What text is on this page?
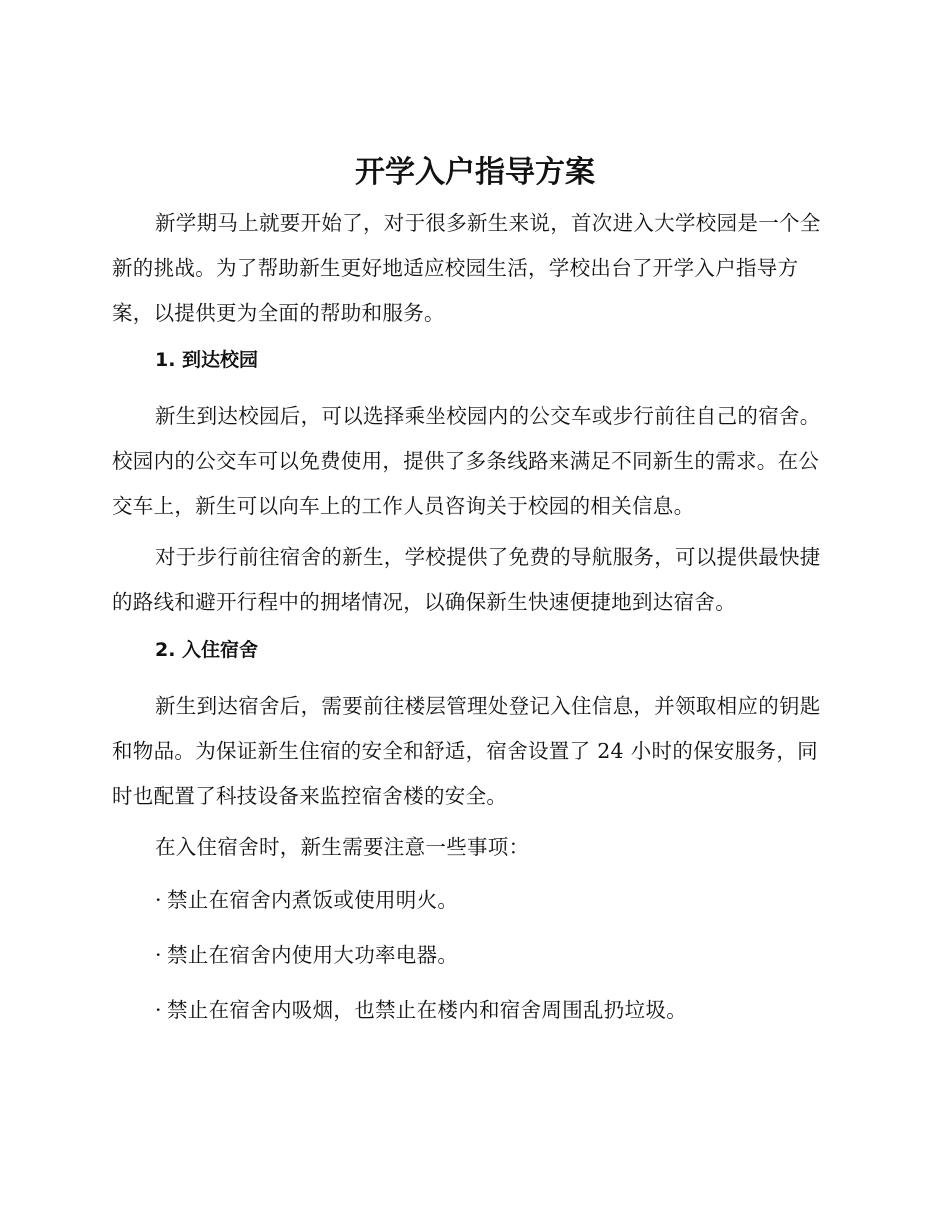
开学入户指导方案

新学期马上就要开始了，对于很多新生来说，首次进入大学校园是一个全新的挑战。为了帮助新生更好地适应校园生活，学校出台了开学入户指导方案，以提供更为全面的帮助和服务。

1. 到达校园

新生到达校园后，可以选择乘坐校园内的公交车或步行前往自己的宿舍。校园内的公交车可以免费使用，提供了多条线路来满足不同新生的需求。在公交车上，新生可以向车上的工作人员咨询关于校园的相关信息。

对于步行前往宿舍的新生，学校提供了免费的导航服务，可以提供最快捷的路线和避开行程中的拥堵情况，以确保新生快速便捷地到达宿舍。

2. 入住宿舍

新生到达宿舍后，需要前往楼层管理处登记入住信息，并领取相应的钥匙和物品。为保证新生住宿的安全和舒适，宿舍设置了 24 小时的保安服务，同时也配置了科技设备来监控宿舍楼的安全。

在入住宿舍时，新生需要注意一些事项：

· 禁止在宿舍内煮饭或使用明火。

· 禁止在宿舍内使用大功率电器。

· 禁止在宿舍内吸烟，也禁止在楼内和宿舍周围乱扔垃圾。
